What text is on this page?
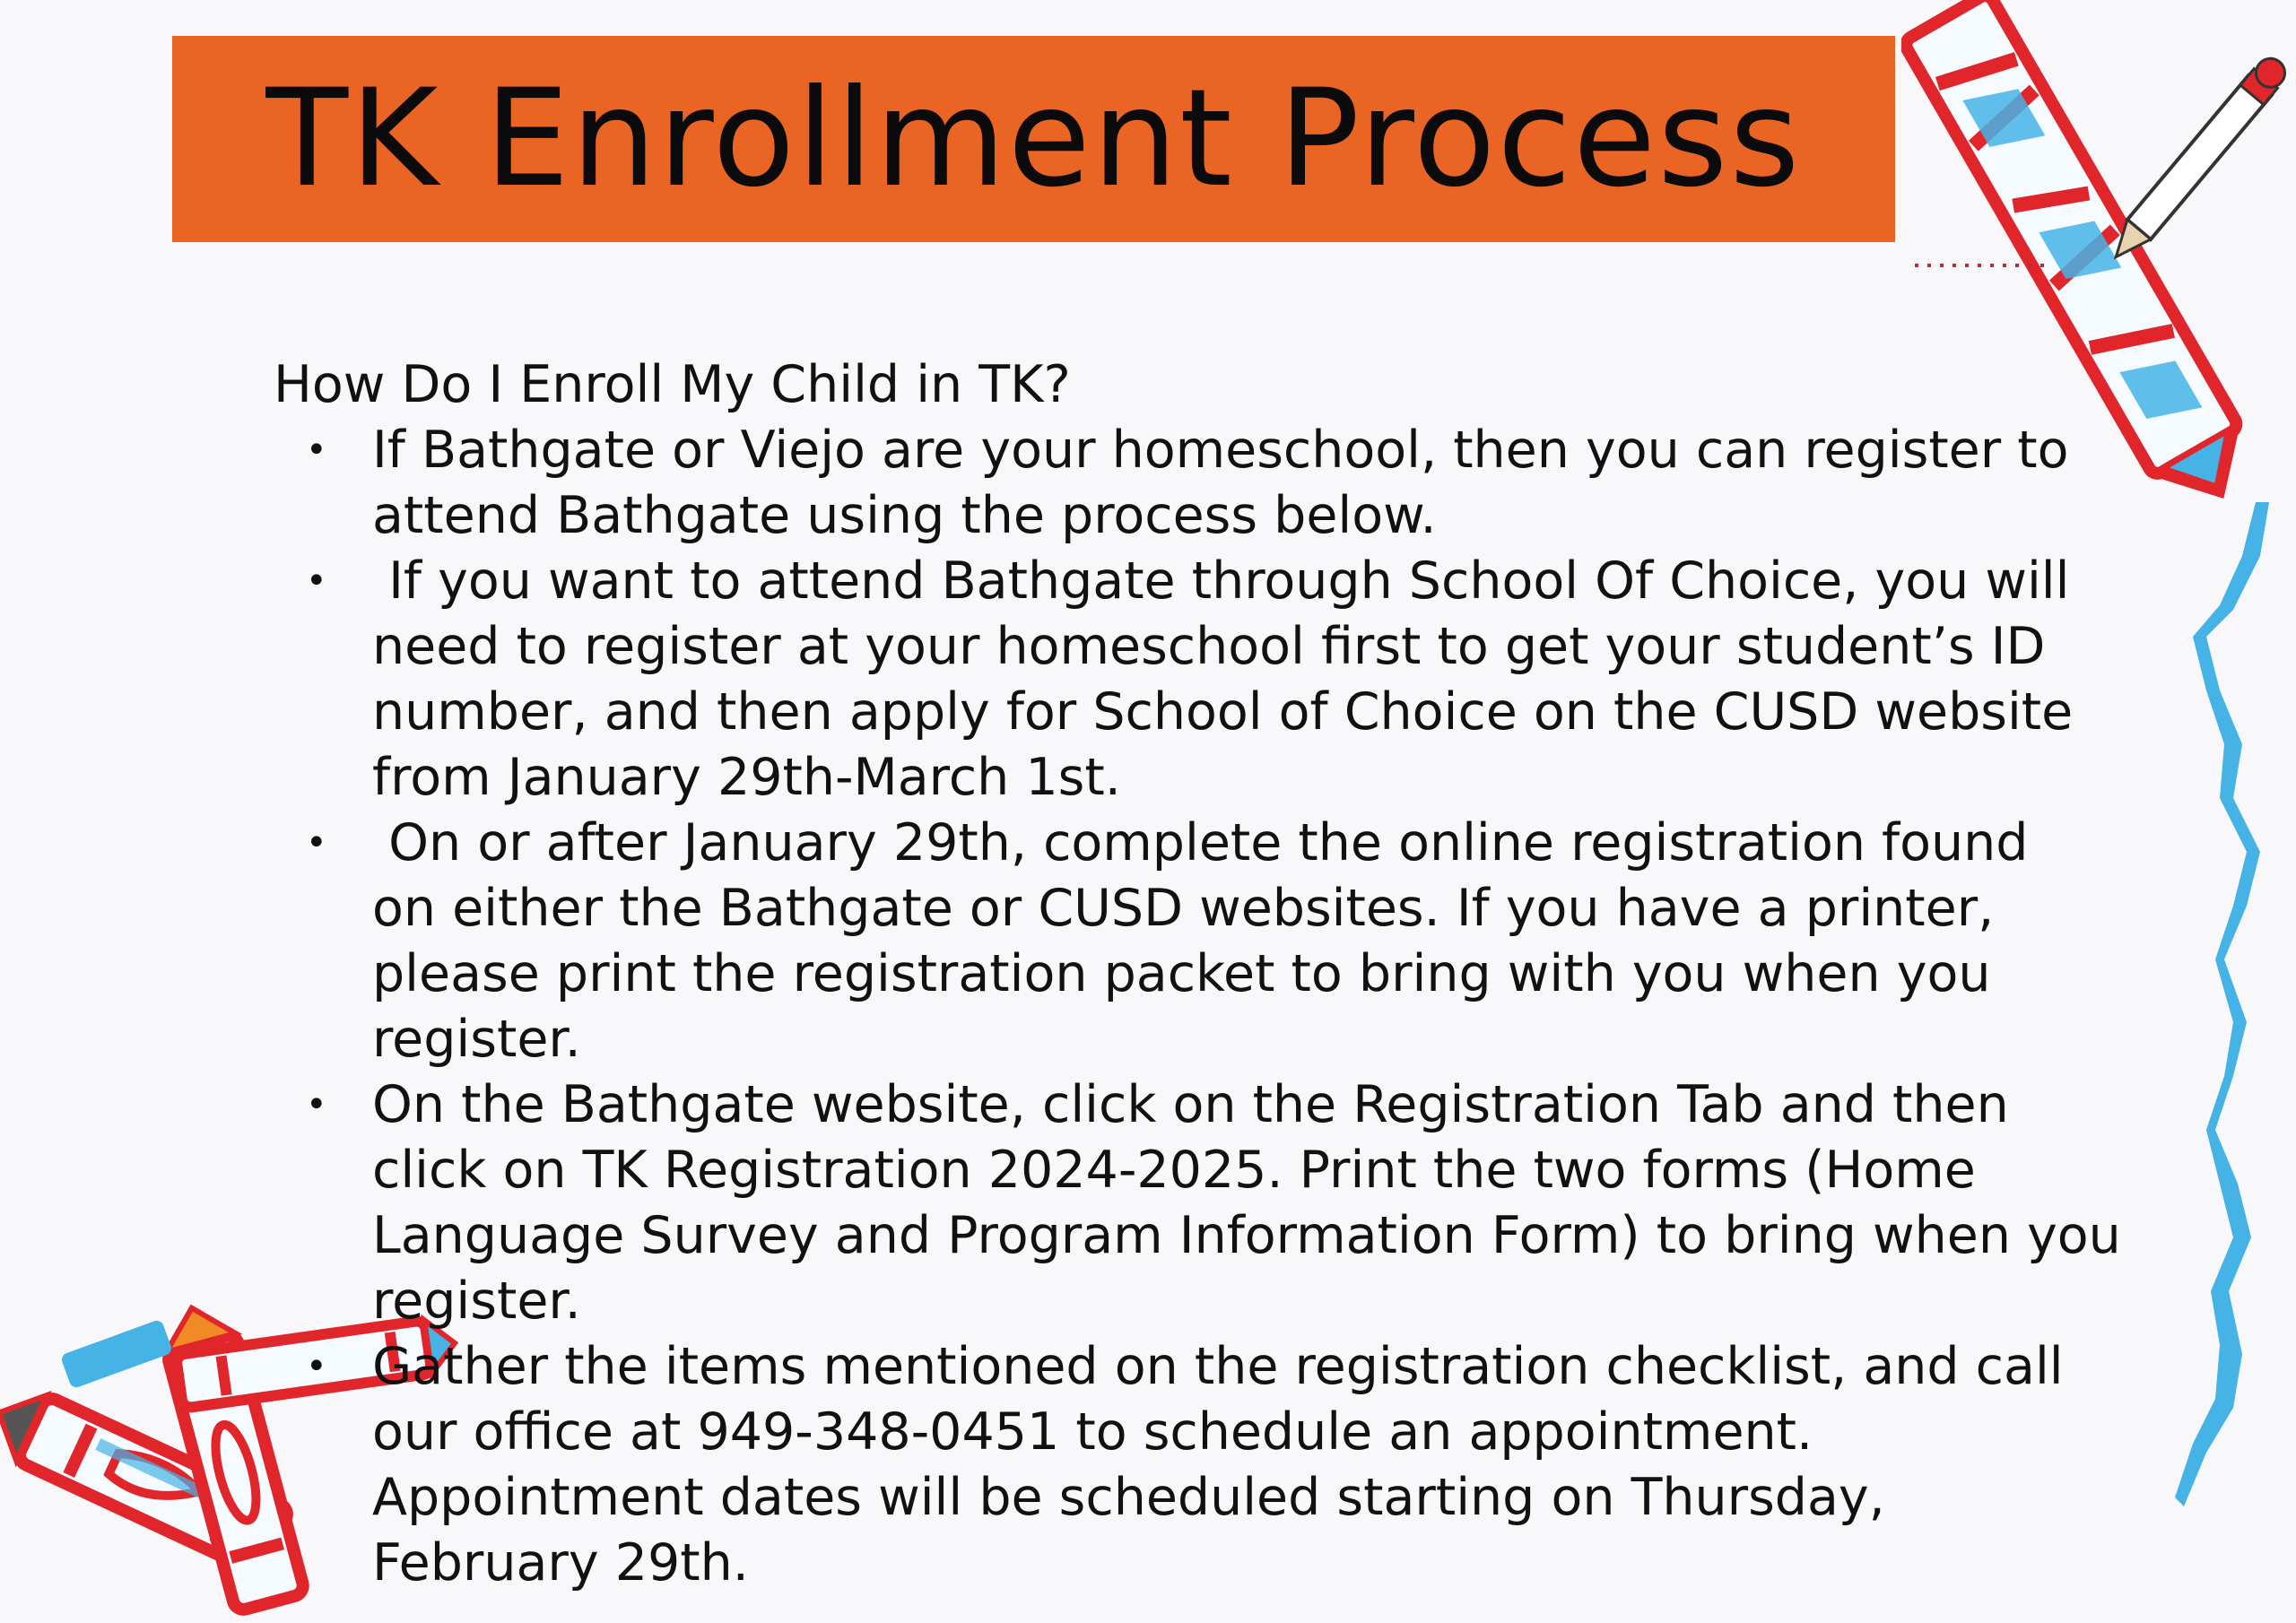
TK Enrollment Process
How Do I Enroll My Child in TK?
• If Bathgate or Viejo are your homeschool, then you can register to
attend Bathgate using the process below.
• If you want to attend Bathgate through School Of Choice, you will
need to register at your homeschool first to get your student’s ID
number, and then apply for School of Choice on the CUSD website
from January 29th-March 1st.
• On or after January 29th, complete the online registration found
on either the Bathgate or CUSD websites. If you have a printer,
please print the registration packet to bring with you when you
register.
• On the Bathgate website, click on the Registration Tab and then
click on TK Registration 2024-2025. Print the two forms (Home
Language Survey and Program Information Form) to bring when you
register.
• Gather the items mentioned on the registration checklist, and call
our office at 949-348-0451 to schedule an appointment.
Appointment dates will be scheduled starting on Thursday,
February 29th.
